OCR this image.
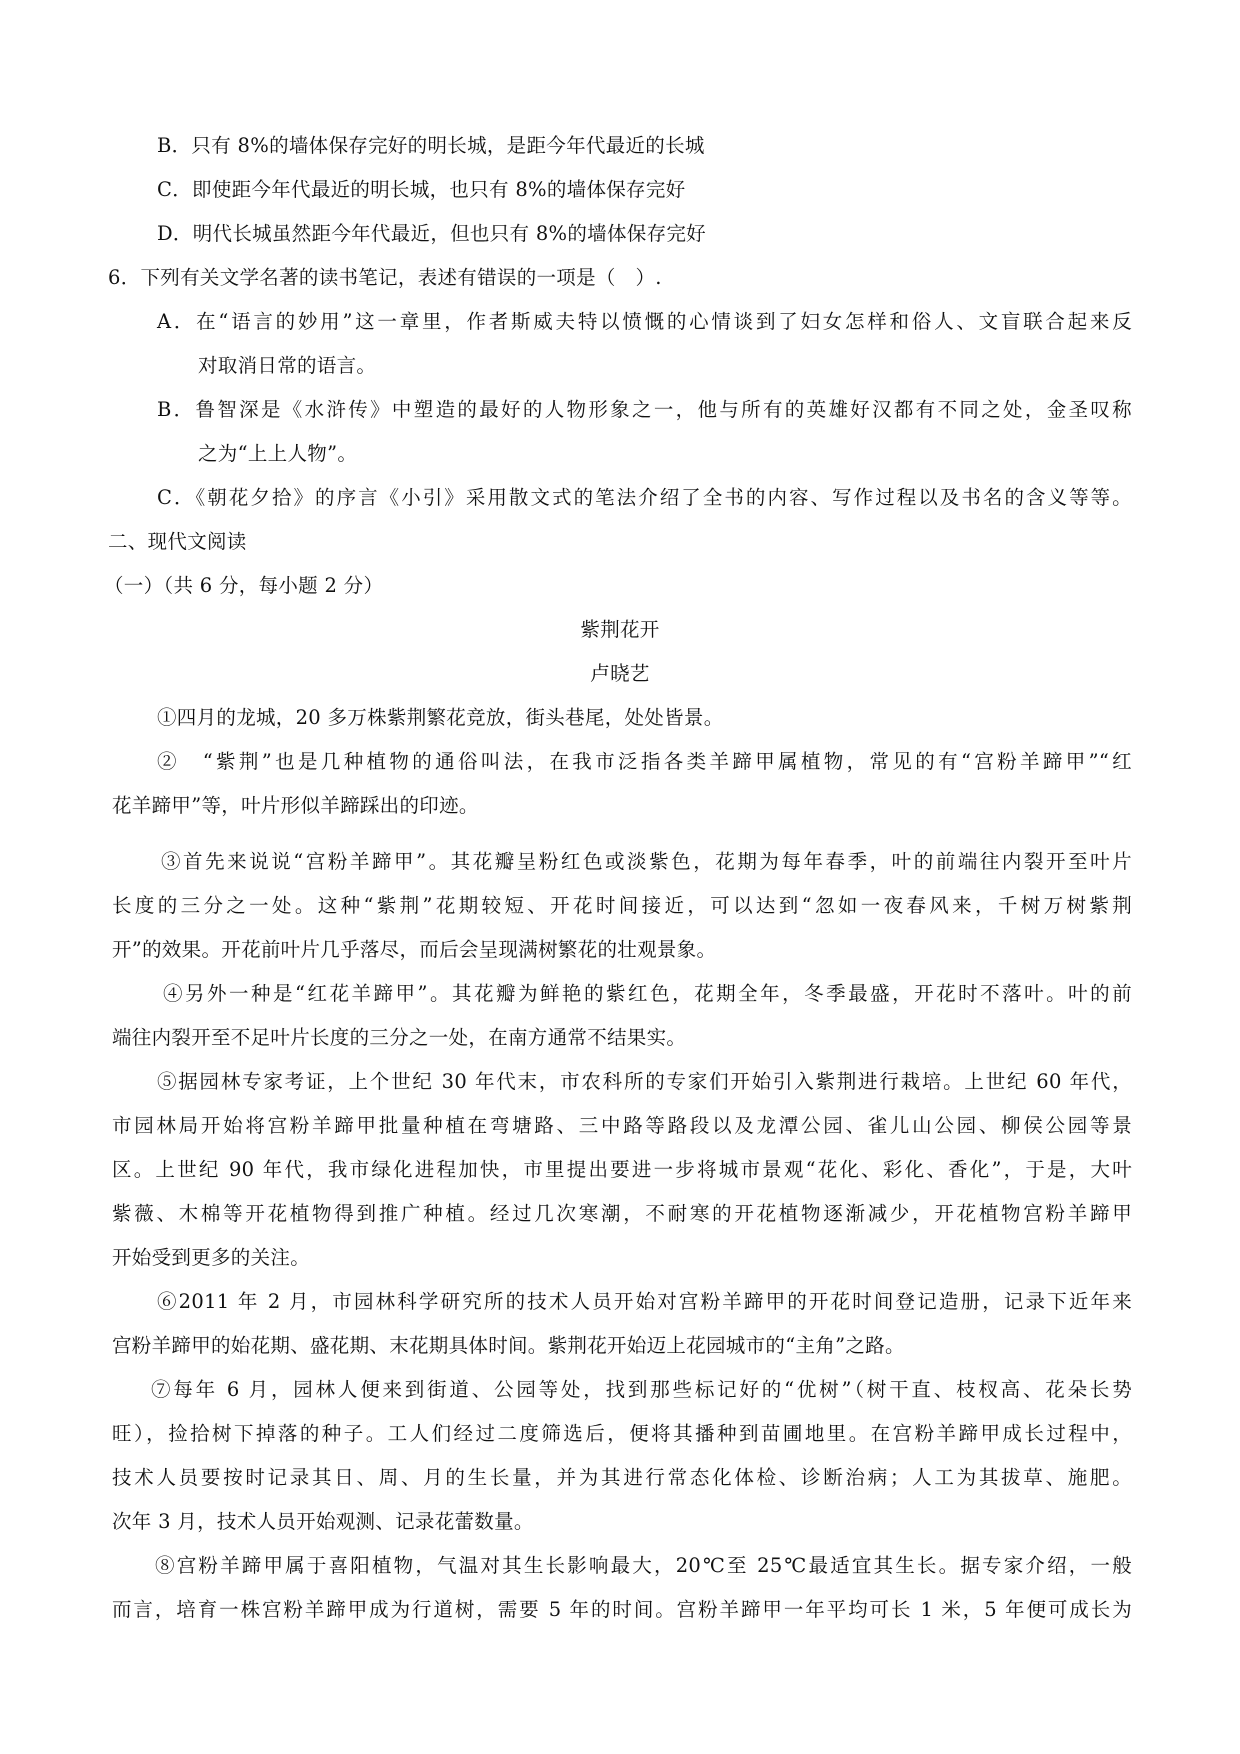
B．只有 8%的墙体保存完好的明长城，是距今年代最近的长城
C．即使距今年代最近的明长城，也只有 8%的墙体保存完好
D．明代长城虽然距今年代最近，但也只有 8%的墙体保存完好
6．下列有关文学名著的读书笔记，表述有错误的一项是（　）.
A．在“语言的妙用”这一章里，作者斯威夫特以愤慨的心情谈到了妇女怎样和俗人、文盲联合起来反
对取消日常的语言。
B．鲁智深是《水浒传》中塑造的最好的人物形象之一，他与所有的英雄好汉都有不同之处，金圣叹称
之为“上上人物”。
C．《朝花夕拾》的序言《小引》采用散文式的笔法介绍了全书的内容、写作过程以及书名的含义等等。
二、现代文阅读
（一）（共 6 分，每小题 2 分）
紫荆花开
卢晓艺
①四月的龙城，20 多万株紫荆繁花竞放，街头巷尾，处处皆景。
②　“紫荆”也是几种植物的通俗叫法，在我市泛指各类羊蹄甲属植物，常见的有“宫粉羊蹄甲”“红
花羊蹄甲”等，叶片形似羊蹄踩出的印迹。
③首先来说说“宫粉羊蹄甲”。其花瓣呈粉红色或淡紫色，花期为每年春季，叶的前端往内裂开至叶片
长度的三分之一处。这种“紫荆”花期较短、开花时间接近，可以达到“忽如一夜春风来，千树万树紫荆
开”的效果。开花前叶片几乎落尽，而后会呈现满树繁花的壮观景象。
④另外一种是“红花羊蹄甲”。其花瓣为鲜艳的紫红色，花期全年，冬季最盛，开花时不落叶。叶的前
端往内裂开至不足叶片长度的三分之一处，在南方通常不结果实。
⑤据园林专家考证，上个世纪 30 年代末，市农科所的专家们开始引入紫荆进行栽培。上世纪 60 年代，
市园林局开始将宫粉羊蹄甲批量种植在弯塘路、三中路等路段以及龙潭公园、雀儿山公园、柳侯公园等景
区。上世纪 90 年代，我市绿化进程加快，市里提出要进一步将城市景观“花化、彩化、香化”，于是，大叶
紫薇、木棉等开花植物得到推广种植。经过几次寒潮，不耐寒的开花植物逐渐减少，开花植物宫粉羊蹄甲
开始受到更多的关注。
⑥2011 年 2 月，市园林科学研究所的技术人员开始对宫粉羊蹄甲的开花时间登记造册，记录下近年来
宫粉羊蹄甲的始花期、盛花期、末花期具体时间。紫荆花开始迈上花园城市的“主角”之路。
⑦每年 6 月，园林人便来到街道、公园等处，找到那些标记好的“优树”（树干直、枝杈高、花朵长势
旺），捡拾树下掉落的种子。工人们经过二度筛选后，便将其播种到苗圃地里。在宫粉羊蹄甲成长过程中，
技术人员要按时记录其日、周、月的生长量，并为其进行常态化体检、诊断治病；人工为其拔草、施肥。
次年 3 月，技术人员开始观测、记录花蕾数量。
⑧宫粉羊蹄甲属于喜阳植物，气温对其生长影响最大，20℃至 25℃最适宜其生长。据专家介绍，一般
而言，培育一株宫粉羊蹄甲成为行道树，需要 5 年的时间。宫粉羊蹄甲一年平均可长 1 米，5 年便可成长为
